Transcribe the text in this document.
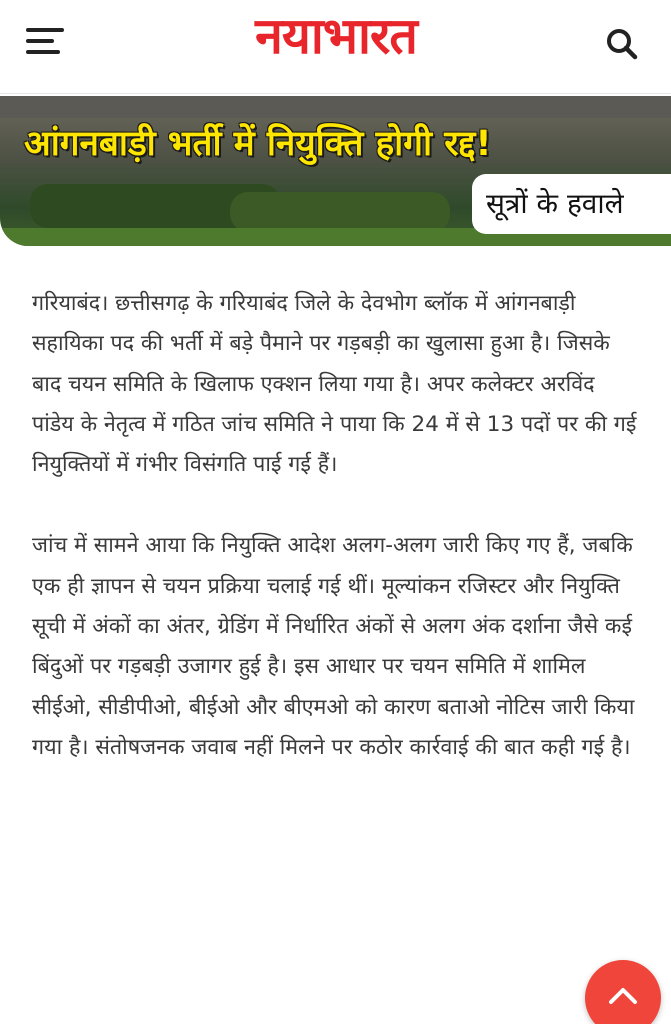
नयाभारत
आंगनबाड़ी भर्ती में नियुक्ति होगी रद्द!
सूत्रों के हवाले

गरियाबंद। छत्तीसगढ़ के गरियाबंद जिले के देवभोग ब्लॉक में आंगनबाड़ी सहायिका पद की भर्ती में बड़े पैमाने पर गड़बड़ी का खुलासा हुआ है। जिसके बाद चयन समिति के खिलाफ एक्शन लिया गया है। अपर कलेक्टर अरविंद पांडेय के नेतृत्व में गठित जांच समिति ने पाया कि 24 में से 13 पदों पर की गई नियुक्तियों में गंभीर विसंगति पाई गई हैं।

जांच में सामने आया कि नियुक्ति आदेश अलग-अलग जारी किए गए हैं, जबकि एक ही ज्ञापन से चयन प्रक्रिया चलाई गई थीं। मूल्यांकन रजिस्टर और नियुक्ति सूची में अंकों का अंतर, ग्रेडिंग में निर्धारित अंकों से अलग अंक दर्शाना जैसे कई बिंदुओं पर गड़बड़ी उजागर हुई है। इस आधार पर चयन समिति में शामिल सीईओ, सीडीपीओ, बीईओ और बीएमओ को कारण बताओ नोटिस जारी किया गया है। संतोषजनक जवाब नहीं मिलने पर कठोर कार्रवाई की बात कही गई है।
